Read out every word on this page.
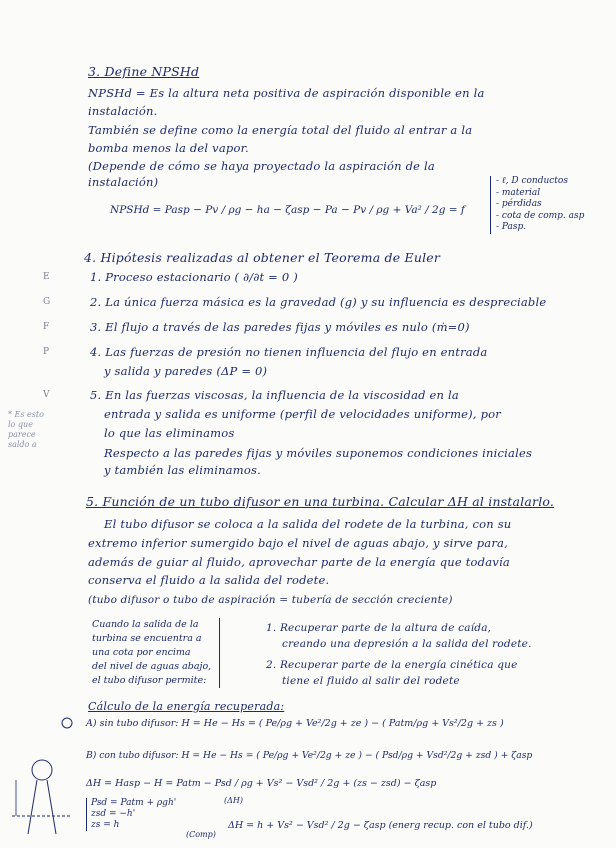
3. Define NPSHd
NPSHd = Es la altura neta positiva de aspiración disponible en la
instalación.
También se define como la energía total del fluido al entrar a la
bomba menos la del vapor.
(Depende de cómo se haya proyectado la aspiración de la
instalación)
NPSHd = Pasp − Pv / ρg − ha − ζasp − Pa − Pv / ρg + Va² / 2g = f
- ℓ, D conductos
- material
- pérdidas
- cota de comp. asp
- Pasp.
4. Hipótesis realizadas al obtener el Teorema de Euler
E	1. Proceso estacionario ( ∂/∂t = 0 )
G	2. La única fuerza másica es la gravedad (g) y su influencia es despreciable
F	3. El flujo a través de las paredes fijas y móviles es nulo (ṁ=0)
P	4. Las fuerzas de presión no tienen influencia del flujo en entrada
y salida y paredes (ΔP = 0)
V	5. En las fuerzas viscosas, la influencia de la viscosidad en la
entrada y salida es uniforme (perfil de velocidades uniforme), por
lo que las eliminamos
Respecto a las paredes fijas y móviles suponemos condiciones iniciales
y también las eliminamos.
* Es esto lo que parece saldo a
5. Función de un tubo difusor en una turbina. Calcular ΔH al instalarlo.
El tubo difusor se coloca a la salida del rodete de la turbina, con su
extremo inferior sumergido bajo el nivel de aguas abajo, y sirve para,
además de guiar al fluido, aprovechar parte de la energía que todavía
conserva el fluido a la salida del rodete.
(tubo difusor o tubo de aspiración = tubería de sección creciente)
Cuando la salida de la
turbina se encuentra a
una cota por encima
del nivel de aguas abajo,
el tubo difusor permite:
1. Recuperar parte de la altura de caída,
creando una depresión a la salida del rodete.
2. Recuperar parte de la energía cinética que
tiene el fluido al salir del rodete
Cálculo de la energía recuperada:
A) sin tubo difusor: H = He − Hs = ( Pe/ρg + Ve²/2g + ze ) − ( Patm/ρg + Vs²/2g + zs )
B) con tubo difusor: H = He − Hs = ( Pe/ρg + Ve²/2g + ze ) − ( Psd/ρg + Vsd²/2g + zsd ) + ζasp
ΔH = Hasp − H = Patm − Psd / ρg + Vs² − Vsd² / 2g + (zs − zsd) − ζasp
Psd = Patm + ρgh'
zsd = −h'
zs = h	ΔH = h + Vs² − Vsd² / 2g − ζasp (energ recup. con el tubo dif.)
(ΔH)
(Comp)
